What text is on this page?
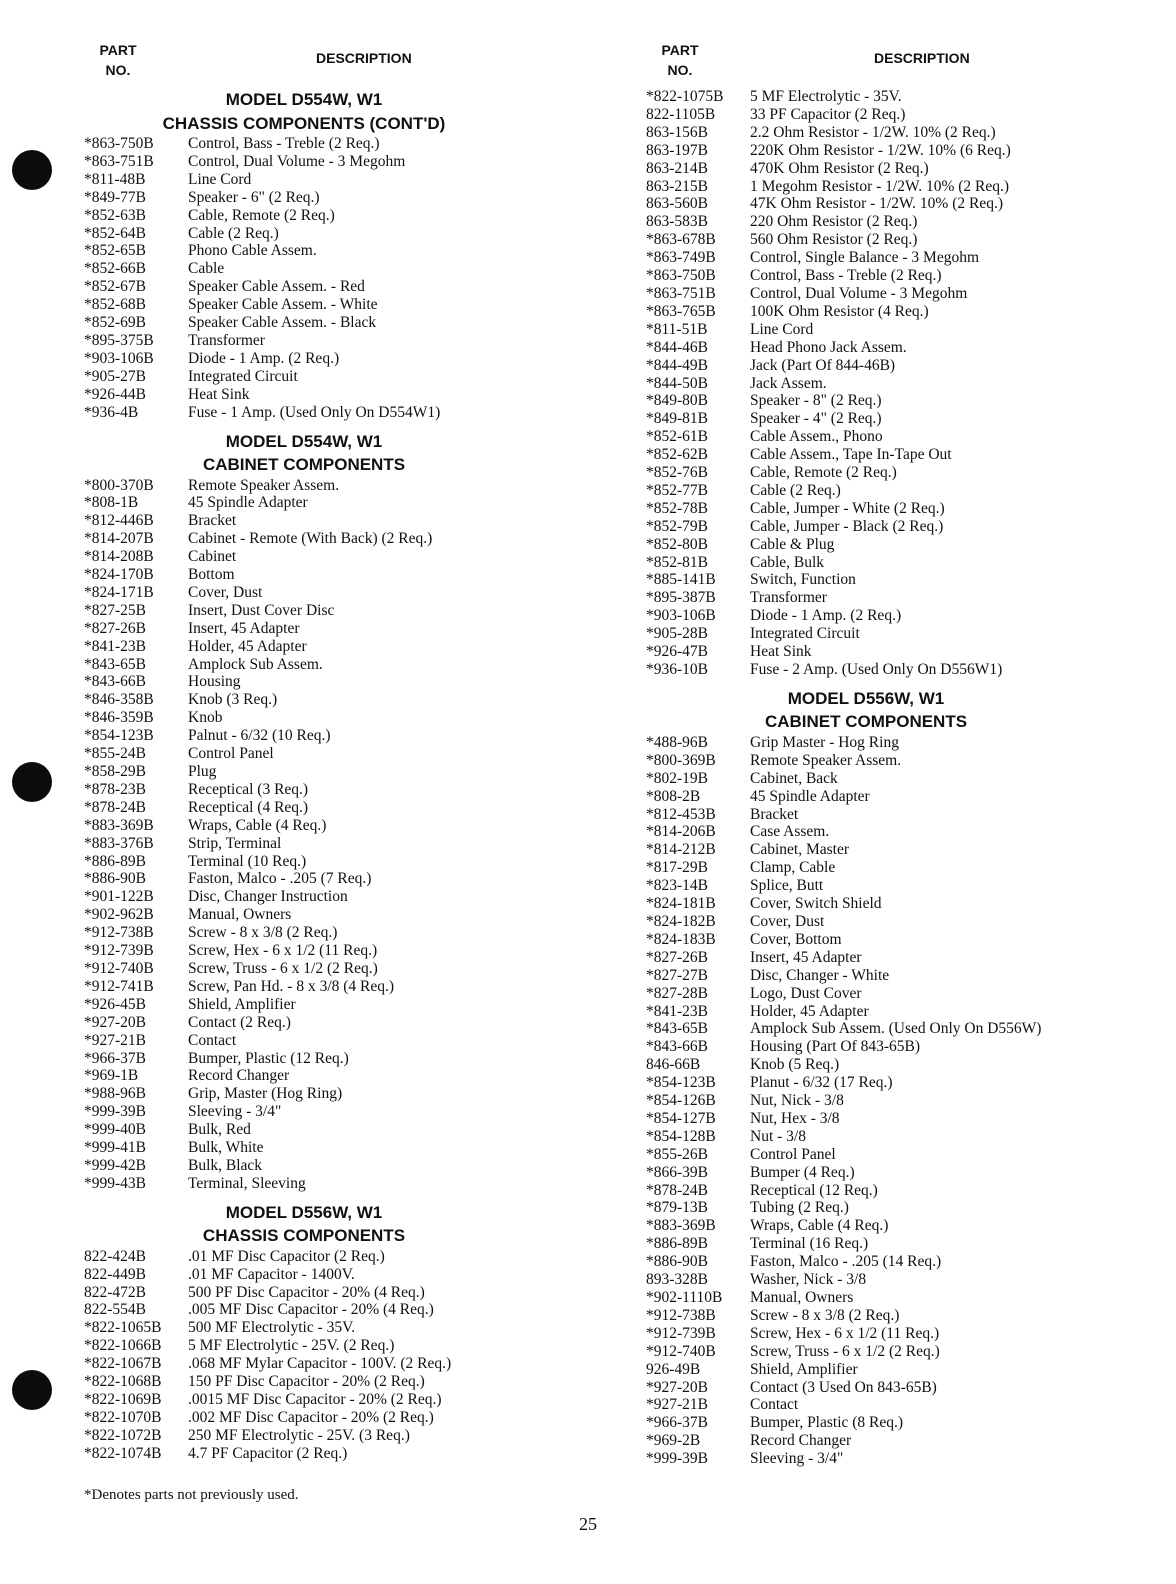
PART
NO.
DESCRIPTION
MODEL D554W, W1
CHASSIS COMPONENTS (CONT'D)
*863-750B	Control, Bass - Treble (2 Req.)
*863-751B	Control, Dual Volume - 3 Megohm
*811-48B	Line Cord
*849-77B	Speaker - 6" (2 Req.)
*852-63B	Cable, Remote (2 Req.)
*852-64B	Cable (2 Req.)
*852-65B	Phono Cable Assem.
*852-66B	Cable
*852-67B	Speaker Cable Assem. - Red
*852-68B	Speaker Cable Assem. - White
*852-69B	Speaker Cable Assem. - Black
*895-375B	Transformer
*903-106B	Diode - 1 Amp. (2 Req.)
*905-27B	Integrated Circuit
*926-44B	Heat Sink
*936-4B	Fuse - 1 Amp. (Used Only On D554W1)
MODEL D554W, W1
CABINET COMPONENTS
*800-370B	Remote Speaker Assem.
*808-1B	45 Spindle Adapter
*812-446B	Bracket
*814-207B	Cabinet - Remote (With Back) (2 Req.)
*814-208B	Cabinet
*824-170B	Bottom
*824-171B	Cover, Dust
*827-25B	Insert, Dust Cover Disc
*827-26B	Insert, 45 Adapter
*841-23B	Holder, 45 Adapter
*843-65B	Amplock Sub Assem.
*843-66B	Housing
*846-358B	Knob (3 Req.)
*846-359B	Knob
*854-123B	Palnut - 6/32 (10 Req.)
*855-24B	Control Panel
*858-29B	Plug
*878-23B	Receptical (3 Req.)
*878-24B	Receptical (4 Req.)
*883-369B	Wraps, Cable (4 Req.)
*883-376B	Strip, Terminal
*886-89B	Terminal (10 Req.)
*886-90B	Faston, Malco - .205 (7 Req.)
*901-122B	Disc, Changer Instruction
*902-962B	Manual, Owners
*912-738B	Screw - 8 x 3/8 (2 Req.)
*912-739B	Screw, Hex - 6 x 1/2 (11 Req.)
*912-740B	Screw, Truss - 6 x 1/2 (2 Req.)
*912-741B	Screw, Pan Hd. - 8 x 3/8 (4 Req.)
*926-45B	Shield, Amplifier
*927-20B	Contact (2 Req.)
*927-21B	Contact
*966-37B	Bumper, Plastic (12 Req.)
*969-1B	Record Changer
*988-96B	Grip, Master (Hog Ring)
*999-39B	Sleeving - 3/4"
*999-40B	Bulk, Red
*999-41B	Bulk, White
*999-42B	Bulk, Black
*999-43B	Terminal, Sleeving
MODEL D556W, W1
CHASSIS COMPONENTS
822-424B	.01 MF Disc Capacitor (2 Req.)
822-449B	.01 MF Capacitor - 1400V.
822-472B	500 PF Disc Capacitor - 20% (4 Req.)
822-554B	.005 MF Disc Capacitor - 20% (4 Req.)
*822-1065B	500 MF Electrolytic - 35V.
*822-1066B	5 MF Electrolytic - 25V. (2 Req.)
*822-1067B	.068 MF Mylar Capacitor - 100V. (2 Req.)
*822-1068B	150 PF Disc Capacitor - 20% (2 Req.)
*822-1069B	.0015 MF Disc Capacitor - 20% (2 Req.)
*822-1070B	.002 MF Disc Capacitor - 20% (2 Req.)
*822-1072B	250 MF Electrolytic - 25V. (3 Req.)
*822-1074B	4.7 PF Capacitor (2 Req.)
PART
NO.
DESCRIPTION
*822-1075B	5 MF Electrolytic - 35V.
822-1105B	33 PF Capacitor (2 Req.)
863-156B	2.2 Ohm Resistor - 1/2W. 10% (2 Req.)
863-197B	220K Ohm Resistor - 1/2W. 10% (6 Req.)
863-214B	470K Ohm Resistor (2 Req.)
863-215B	1 Megohm Resistor - 1/2W. 10% (2 Req.)
863-560B	47K Ohm Resistor - 1/2W. 10% (2 Req.)
863-583B	220 Ohm Resistor (2 Req.)
*863-678B	560 Ohm Resistor (2 Req.)
*863-749B	Control, Single Balance - 3 Megohm
*863-750B	Control, Bass - Treble (2 Req.)
*863-751B	Control, Dual Volume - 3 Megohm
*863-765B	100K Ohm Resistor (4 Req.)
*811-51B	Line Cord
*844-46B	Head Phono Jack Assem.
*844-49B	Jack (Part Of 844-46B)
*844-50B	Jack Assem.
*849-80B	Speaker - 8" (2 Req.)
*849-81B	Speaker - 4" (2 Req.)
*852-61B	Cable Assem., Phono
*852-62B	Cable Assem., Tape In-Tape Out
*852-76B	Cable, Remote (2 Req.)
*852-77B	Cable (2 Req.)
*852-78B	Cable, Jumper - White (2 Req.)
*852-79B	Cable, Jumper - Black (2 Req.)
*852-80B	Cable & Plug
*852-81B	Cable, Bulk
*885-141B	Switch, Function
*895-387B	Transformer
*903-106B	Diode - 1 Amp. (2 Req.)
*905-28B	Integrated Circuit
*926-47B	Heat Sink
*936-10B	Fuse - 2 Amp. (Used Only On D556W1)
MODEL D556W, W1
CABINET COMPONENTS
*488-96B	Grip Master - Hog Ring
*800-369B	Remote Speaker Assem.
*802-19B	Cabinet, Back
*808-2B	45 Spindle Adapter
*812-453B	Bracket
*814-206B	Case Assem.
*814-212B	Cabinet, Master
*817-29B	Clamp, Cable
*823-14B	Splice, Butt
*824-181B	Cover, Switch Shield
*824-182B	Cover, Dust
*824-183B	Cover, Bottom
*827-26B	Insert, 45 Adapter
*827-27B	Disc, Changer - White
*827-28B	Logo, Dust Cover
*841-23B	Holder, 45 Adapter
*843-65B	Amplock Sub Assem. (Used Only On D556W)
*843-66B	Housing (Part Of 843-65B)
846-66B	Knob (5 Req.)
*854-123B	Planut - 6/32 (17 Req.)
*854-126B	Nut, Nick - 3/8
*854-127B	Nut, Hex - 3/8
*854-128B	Nut - 3/8
*855-26B	Control Panel
*866-39B	Bumper (4 Req.)
*878-24B	Receptical (12 Req.)
*879-13B	Tubing (2 Req.)
*883-369B	Wraps, Cable (4 Req.)
*886-89B	Terminal (16 Req.)
*886-90B	Faston, Malco - .205 (14 Req.)
893-328B	Washer, Nick - 3/8
*902-1110B	Manual, Owners
*912-738B	Screw - 8 x 3/8 (2 Req.)
*912-739B	Screw, Hex - 6 x 1/2 (11 Req.)
*912-740B	Screw, Truss - 6 x 1/2 (2 Req.)
926-49B	Shield, Amplifier
*927-20B	Contact (3 Used On 843-65B)
*927-21B	Contact
*966-37B	Bumper, Plastic (8 Req.)
*969-2B	Record Changer
*999-39B	Sleeving - 3/4"
*Denotes parts not previously used.
25
